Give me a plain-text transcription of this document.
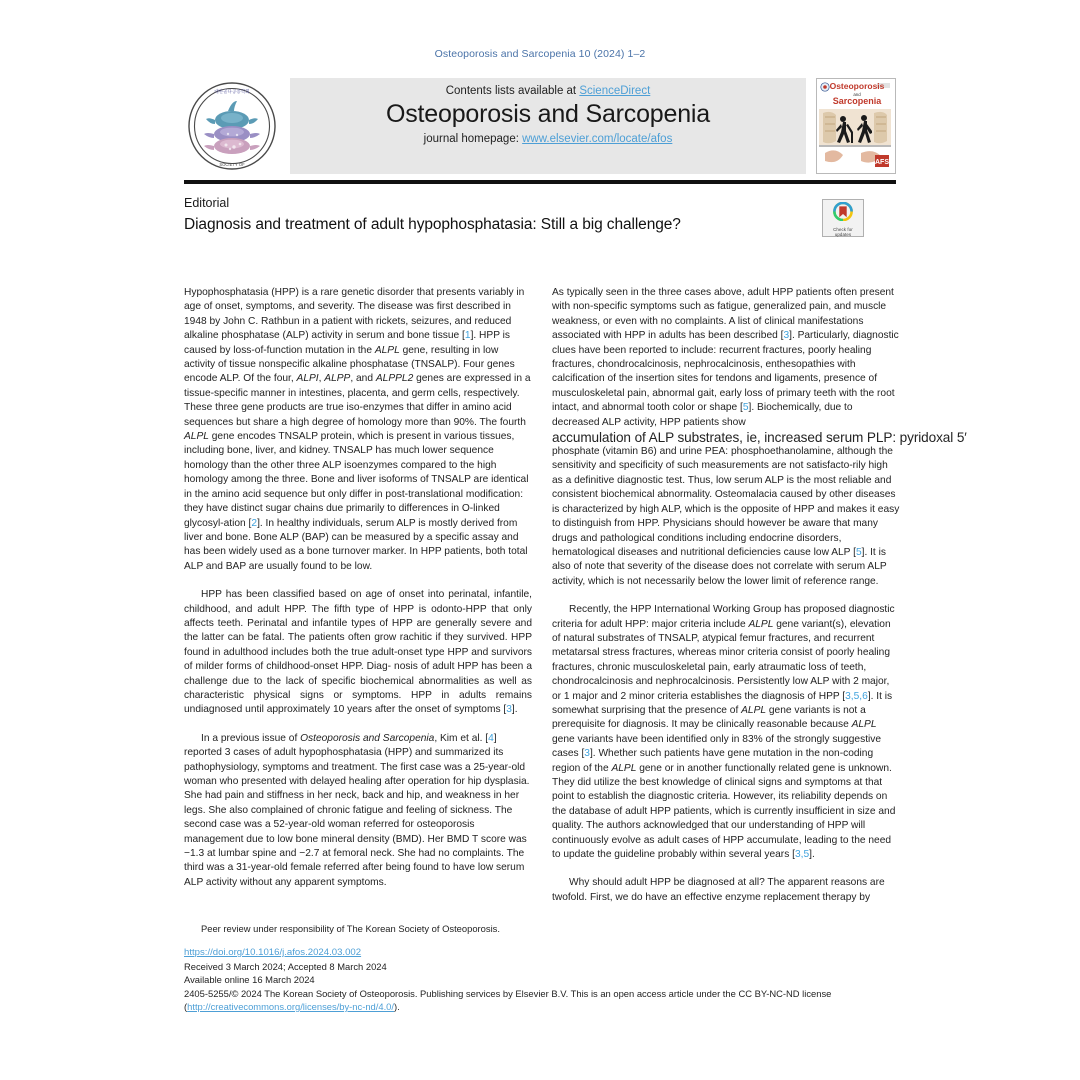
Osteoporosis and Sarcopenia 10 (2024) 1–2
대한골다공증학회
SOCIETY OF
Contents lists available at ScienceDirect
Osteoporosis and Sarcopenia
journal homepage: www.elsevier.com/locate/afos
Osteoporosis
and
Sarcopenia
AFS
Editorial
Diagnosis and treatment of adult hypophosphatasia: Still a big challenge?	Check for
updates

Hypophosphatasia (HPP) is a rare genetic disorder that presents variably in age of onset, symptoms, and severity. The disease was first described in 1948 by John C. Rathbun in a patient with rickets, seizures, and reduced alkaline phosphatase (ALP) activity in serum and bone tissue [1]. HPP is caused by loss-of-function mutation in the ALPL gene, resulting in low activity of tissue nonspecific alkaline phosphatase (TNSALP). Four genes encode ALP. Of the four, ALPI, ALPP, and ALPPL2 genes are expressed in a tissue-specific manner in intestines, placenta, and germ cells, respectively. These three gene products are true iso-enzymes that differ in amino acid sequences but share a high degree of homology more than 90%. The fourth ALPL gene encodes TNSALP protein, which is present in various tissues, including bone, liver, and kidney. TNSALP has much lower sequence homology than the other three ALP isoenzymes compared to the high homology among the three. Bone and liver isoforms of TNSALP are identical in the amino acid sequence but only differ in post-translational modification: they have distinct sugar chains due primarily to differences in O-linked glycosyl-ation [2]. In healthy individuals, serum ALP is mostly derived from liver and bone. Bone ALP (BAP) can be measured by a specific assay and has been widely used as a bone turnover marker. In HPP patients, both total ALP and BAP are usually found to be low.

HPP has been classified based on age of onset into perinatal, infantile, childhood, and adult HPP. The fifth type of HPP is odonto-HPP that only affects teeth. Perinatal and infantile types of HPP are generally severe and the latter can be fatal. The patients often grow rachitic if they survived. HPP found in adulthood includes both the true adult-onset type HPP and survivors of milder forms of childhood-onset HPP. Diag- nosis of adult HPP has been a challenge due to the lack of specific biochemical abnormalities as well as characteristic physical signs or symptoms. HPP in adults remains undiagnosed until approximately 10 years after the onset of symptoms [3].

In a previous issue of Osteoporosis and Sarcopenia, Kim et al. [4] reported 3 cases of adult hypophosphatasia (HPP) and summarized its pathophysiology, symptoms and treatment. The first case was a 25-year-old woman who presented with delayed healing after operation for hip dysplasia. She had pain and stiffness in her neck, back and hip, and weakness in her legs. She also complained of chronic fatigue and feeling of sickness. The second case was a 52-year-old woman referred for osteoporosis management due to low bone mineral density (BMD). Her BMD T score was −1.3 at lumbar spine and −2.7 at femoral neck. She had no complaints. The third was a 31-year-old female referred after being found to have low serum ALP activity without any apparent symptoms.

As typically seen in the three cases above, adult HPP patients often present with non-specific symptoms such as fatigue, generalized pain, and muscle weakness, or even with no complaints. A list of clinical manifestations associated with HPP in adults has been described [3]. Particularly, diagnostic clues have been reported to include: recurrent fractures, poorly healing fractures, chondrocalcinosis, nephrocalcinosis, enthesopathies with calcification of the insertion sites for tendons and ligaments, presence of musculoskeletal pain, abnormal gait, early loss of primary teeth with the root intact, and abnormal tooth color or shape [5]. Biochemically, due to decreased ALP activity, HPP patients show
accumulation of ALP substrates, ie, increased serum PLP: pyridoxal 5′
phosphate (vitamin B6) and urine PEA: phosphoethanolamine, although the sensitivity and specificity of such measurements are not satisfacto-rily high as a definitive diagnostic test. Thus, low serum ALP is the most reliable and consistent biochemical abnormality. Osteomalacia caused by other diseases is characterized by high ALP, which is the opposite of HPP and makes it easy to distinguish from HPP. Physicians should however be aware that many drugs and pathological conditions including endocrine disorders, hematological diseases and nutritional deficiencies cause low ALP [5]. It is also of note that severity of the disease does not correlate with serum ALP activity, which is not necessarily below the lower limit of reference range.

Recently, the HPP International Working Group has proposed diagnostic criteria for adult HPP: major criteria include ALPL gene variant(s), elevation of natural substrates of TNSALP, atypical femur fractures, and recurrent metatarsal stress fractures, whereas minor criteria consist of poorly healing fractures, chronic musculoskeletal pain, early atraumatic loss of teeth, chondrocalcinosis and nephrocalcinosis. Persistently low ALP with 2 major, or 1 major and 2 minor criteria establishes the diagnosis of HPP [3,5,6]. It is somewhat surprising that the presence of ALPL gene variants is not a prerequisite for diagnosis. It may be clinically reasonable because ALPL gene variants have been identified only in 83% of the strongly suggestive cases [3]. Whether such patients have gene mutation in the non-coding region of the ALPL gene or in another functionally related gene is unknown. They did utilize the best knowledge of clinical signs and symptoms at that point to establish the diagnostic criteria. However, its reliability depends on the database of adult HPP patients, which is currently insufficient in size and quality. The authors acknowledged that our understanding of HPP will continuously evolve as adult cases of HPP accumulate, leading to the need to update the guideline probably within several years [3,5].

Why should adult HPP be diagnosed at all? The apparent reasons are twofold. First, we do have an effective enzyme replacement therapy by

Peer review under responsibility of The Korean Society of Osteoporosis.
https://doi.org/10.1016/j.afos.2024.03.002
Received 3 March 2024; Accepted 8 March 2024
Available online 16 March 2024
2405-5255/© 2024 The Korean Society of Osteoporosis. Publishing services by Elsevier B.V. This is an open access article under the CC BY-NC-ND license
(http://creativecommons.org/licenses/by-nc-nd/4.0/).
